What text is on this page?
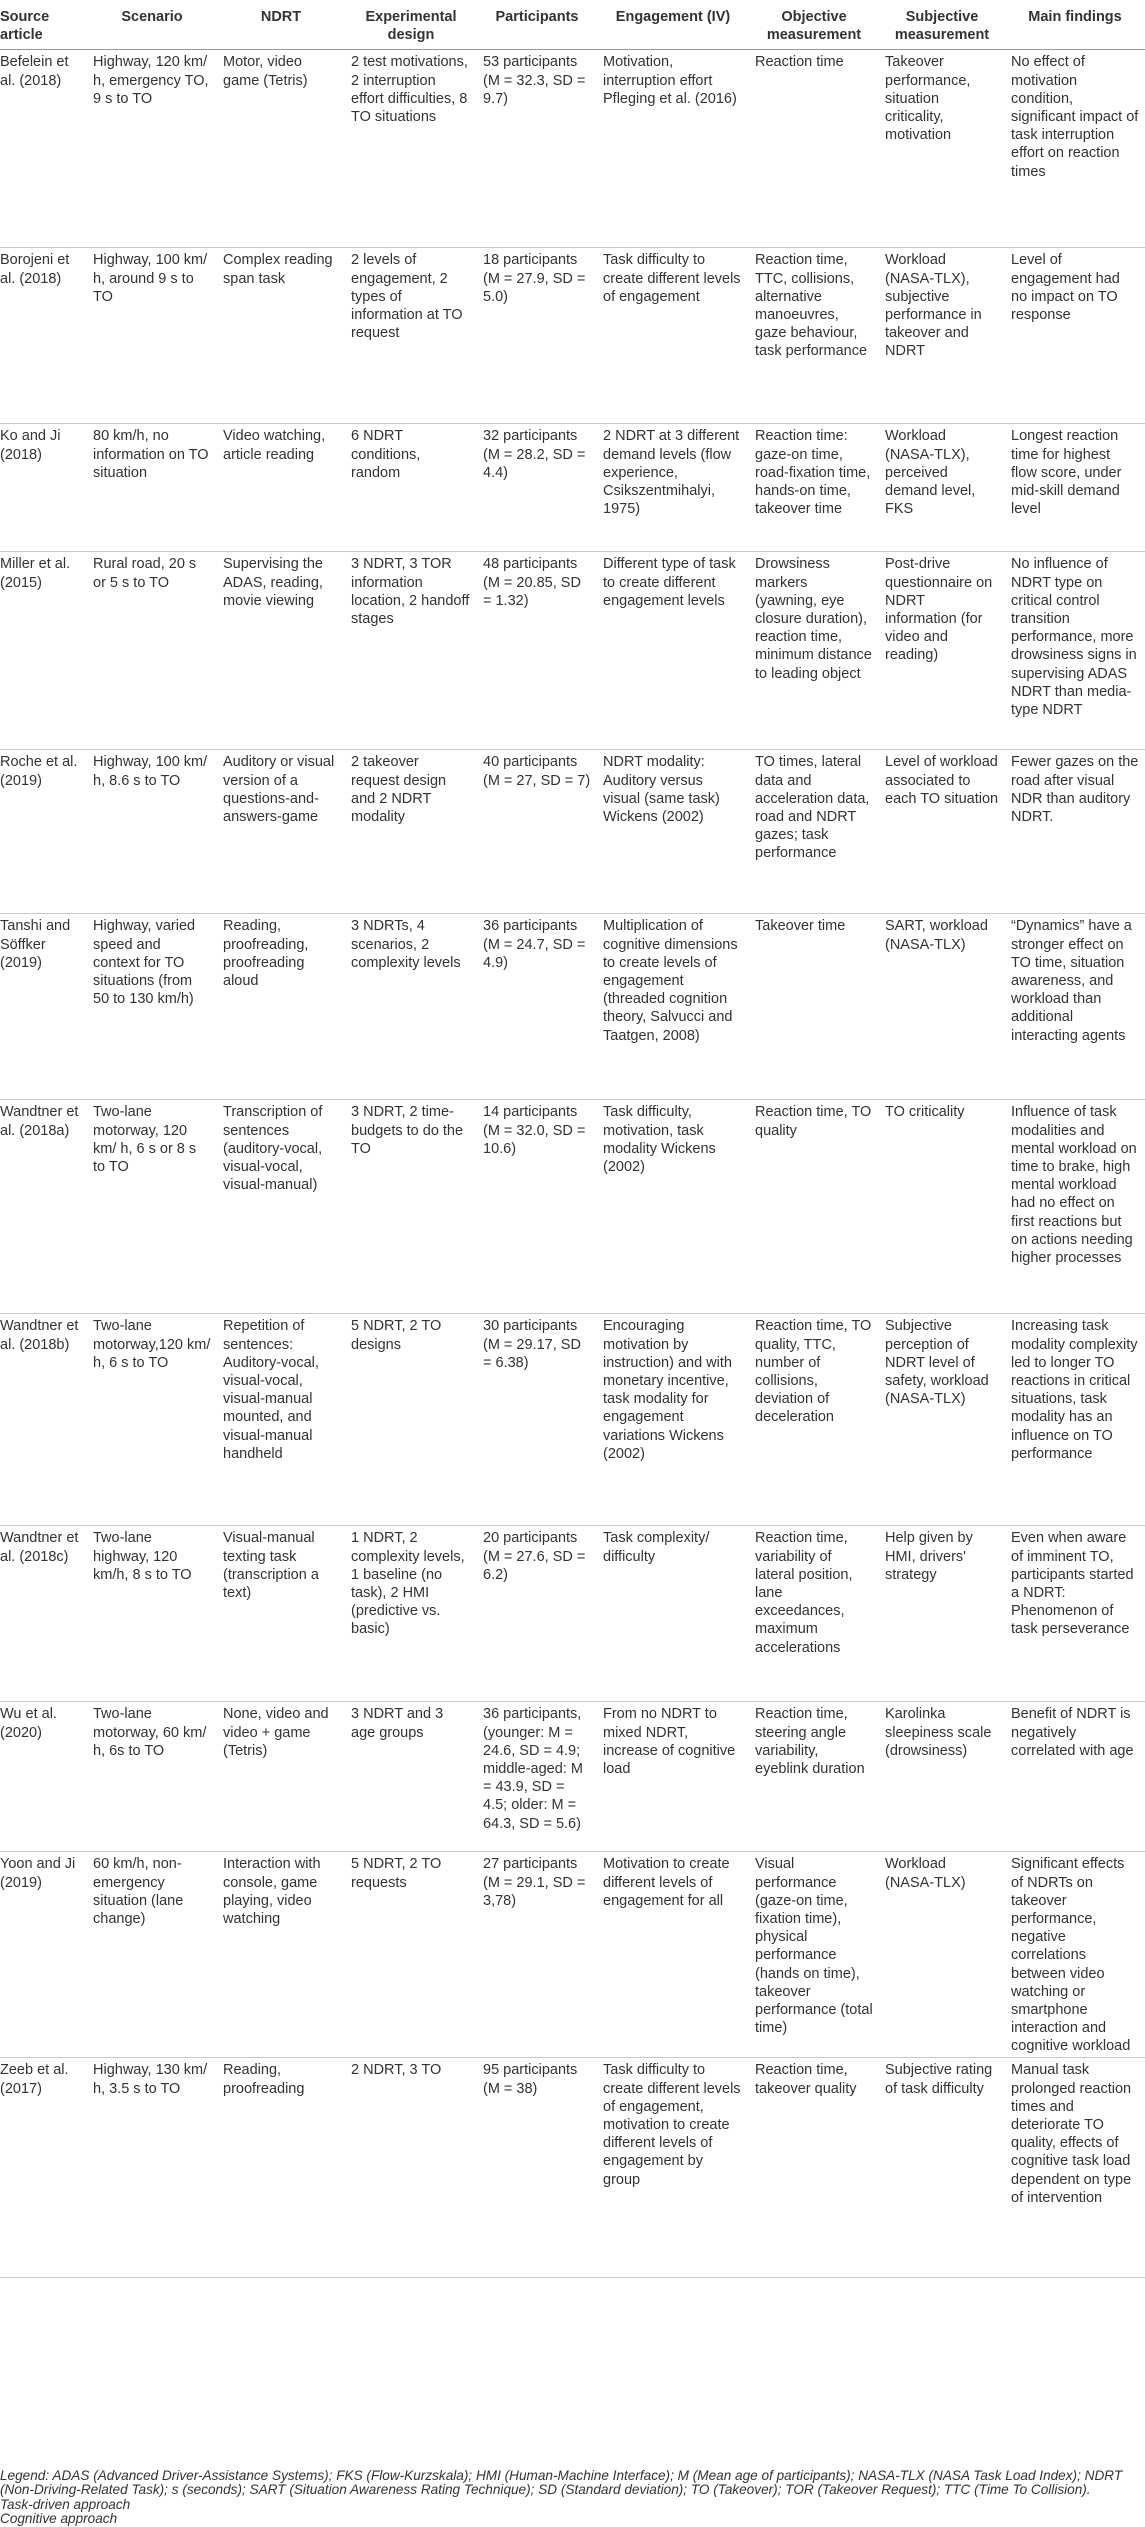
Source article	Scenario	NDRT	Experimental design	Participants	Engagement (IV)	Objective measurement	Subjective measurement	Main findings
Befelein et al. (2018)	Highway, 120 km/ h, emergency TO, 9 s to TO	Motor, video game (Tetris)	2 test motivations, 2 interruption effort difficulties, 8 TO situations	53 participants (M = 32.3, SD = 9.7)	Motivation, interruption effort Pfleging et al. (2016)	Reaction time	Takeover performance, situation criticality, motivation	No effect of motivation condition, significant impact of task interruption effort on reaction times
Borojeni et al. (2018)	Highway, 100 km/ h, around 9 s to TO	Complex reading span task	2 levels of engagement, 2 types of information at TO request	18 participants (M = 27.9, SD = 5.0)	Task difficulty to create different levels of engagement	Reaction time, TTC, collisions, alternative manoeuvres, gaze behaviour, task performance	Workload (NASA-TLX), subjective performance in takeover and NDRT	Level of engagement had no impact on TO response
Ko and Ji (2018)	80 km/h, no information on TO situation	Video watching, article reading	6 NDRT conditions, random	32 participants (M = 28.2, SD = 4.4)	2 NDRT at 3 different demand levels (flow experience, Csikszentmihalyi, 1975)	Reaction time: gaze-on time, road-fixation time, hands-on time, takeover time	Workload (NASA-TLX), perceived demand level, FKS	Longest reaction time for highest flow score, under mid-skill demand level
Miller et al. (2015)	Rural road, 20 s or 5 s to TO	Supervising the ADAS, reading, movie viewing	3 NDRT, 3 TOR information location, 2 handoff stages	48 participants (M = 20.85, SD = 1.32)	Different type of task to create different engagement levels	Drowsiness markers (yawning, eye closure duration), reaction time, minimum distance to leading object	Post-drive questionnaire on NDRT information (for video and reading)	No influence of NDRT type on critical control transition performance, more drowsiness signs in supervising ADAS NDRT than media-type NDRT
Roche et al. (2019)	Highway, 100 km/ h, 8.6 s to TO	Auditory or visual version of a questions-and-answers-game	2 takeover request design and 2 NDRT modality	40 participants (M = 27, SD = 7)	NDRT modality: Auditory versus visual (same task) Wickens (2002)	TO times, lateral data and acceleration data, road and NDRT gazes; task performance	Level of workload associated to each TO situation	Fewer gazes on the road after visual NDR than auditory NDRT.
Tanshi and Söffker (2019)	Highway, varied speed and context for TO situations (from 50 to 130 km/h)	Reading, proofreading, proofreading aloud	3 NDRTs, 4 scenarios, 2 complexity levels	36 participants (M = 24.7, SD = 4.9)	Multiplication of cognitive dimensions to create levels of engagement (threaded cognition theory, Salvucci and Taatgen, 2008)	Takeover time	SART, workload (NASA-TLX)	“Dynamics” have a stronger effect on TO time, situation awareness, and workload than additional interacting agents
Wandtner et al. (2018a)	Two-lane motorway, 120 km/ h, 6 s or 8 s to TO	Transcription of sentences (auditory-vocal, visual-vocal, visual-manual)	3 NDRT, 2 time-budgets to do the TO	14 participants (M = 32.0, SD = 10.6)	Task difficulty, motivation, task modality Wickens (2002)	Reaction time, TO quality	TO criticality	Influence of task modalities and mental workload on time to brake, high mental workload had no effect on first reactions but on actions needing higher processes
Wandtner et al. (2018b)	Two-lane motorway,120 km/ h, 6 s to TO	Repetition of sentences: Auditory-vocal, visual-vocal, visual-manual mounted, and visual-manual handheld	5 NDRT, 2 TO designs	30 participants (M = 29.17, SD = 6.38)	Encouraging motivation by instruction) and with monetary incentive, task modality for engagement variations Wickens (2002)	Reaction time, TO quality, TTC, number of collisions, deviation of deceleration	Subjective perception of NDRT level of safety, workload (NASA-TLX)	Increasing task modality complexity led to longer TO reactions in critical situations, task modality has an influence on TO performance
Wandtner et al. (2018c)	Two-lane highway, 120 km/h, 8 s to TO	Visual-manual texting task (transcription a text)	1 NDRT, 2 complexity levels, 1 baseline (no task), 2 HMI (predictive vs. basic)	20 participants (M = 27.6, SD = 6.2)	Task complexity/ difficulty	Reaction time, variability of lateral position, lane exceedances, maximum accelerations	Help given by HMI, drivers' strategy	Even when aware of imminent TO, participants started a NDRT: Phenomenon of task perseverance
Wu et al. (2020)	Two-lane motorway, 60 km/ h, 6s to TO	None, video and video + game (Tetris)	3 NDRT and 3 age groups	36 participants, (younger: M = 24.6, SD = 4.9; middle-aged: M = 43.9, SD = 4.5; older: M = 64.3, SD = 5.6)	From no NDRT to mixed NDRT, increase of cognitive load	Reaction time, steering angle variability, eyeblink duration	Karolinka sleepiness scale (drowsiness)	Benefit of NDRT is negatively correlated with age
Yoon and Ji (2019)	60 km/h, non-emergency situation (lane change)	Interaction with console, game playing, video watching	5 NDRT, 2 TO requests	27 participants (M = 29.1, SD = 3,78)	Motivation to create different levels of engagement for all	Visual performance (gaze-on time, fixation time), physical performance (hands on time), takeover performance (total time)	Workload (NASA-TLX)	Significant effects of NDRTs on takeover performance, negative correlations between video watching or smartphone interaction and cognitive workload
Zeeb et al. (2017)	Highway, 130 km/ h, 3.5 s to TO	Reading, proofreading	2 NDRT, 3 TO	95 participants (M = 38)	Task difficulty to create different levels of engagement, motivation to create different levels of engagement by group	Reaction time, takeover quality	Subjective rating of task difficulty	Manual task prolonged reaction times and deteriorate TO quality, effects of cognitive task load dependent on type of intervention

Legend: ADAS (Advanced Driver-Assistance Systems); FKS (Flow-Kurzskala); HMI (Human-Machine Interface); M (Mean age of participants); NASA-TLX (NASA Task Load Index); NDRT (Non-Driving-Related Task); s (seconds); SART (Situation Awareness Rating Technique); SD (Standard deviation); TO (Takeover); TOR (Takeover Request); TTC (Time To Collision).

Task-driven approach

Cognitive approach
